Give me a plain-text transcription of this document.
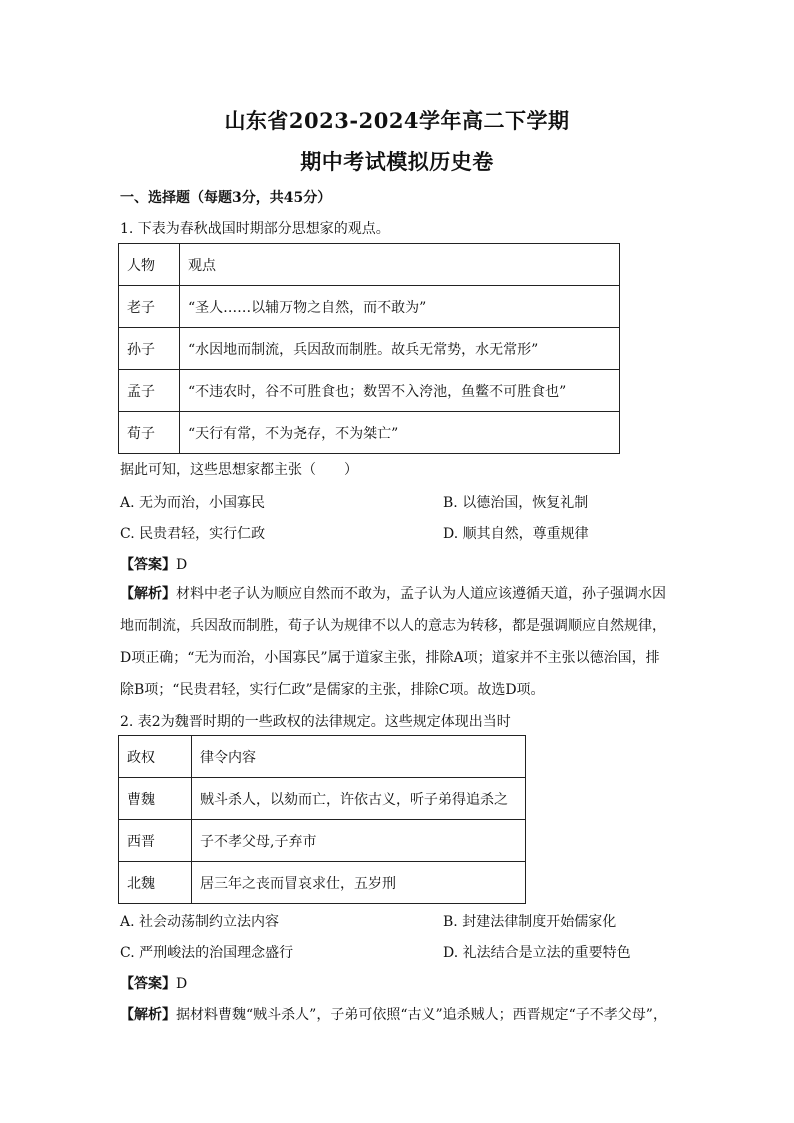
山东省2023-2024学年高二下学期
期中考试模拟历史卷
一、选择题（每题3分，共45分）
1. 下表为春秋战国时期部分思想家的观点。
人物	观点
老子	“圣人……以辅万物之自然，而不敢为”
孙子	“水因地而制流，兵因敌而制胜。故兵无常势，水无常形”
孟子	“不违农时，谷不可胜食也；数罟不入洿池，鱼鳖不可胜食也”
荀子	“天行有常，不为尧存，不为桀亡”
据此可知，这些思想家都主张（　　）
A. 无为而治，小国寡民	B. 以德治国，恢复礼制
C. 民贵君轻，实行仁政	D. 顺其自然，尊重规律
【答案】D
【解析】材料中老子认为顺应自然而不敢为，孟子认为人道应该遵循天道，孙子强调水因
地而制流，兵因敌而制胜，荀子认为规律不以人的意志为转移，都是强调顺应自然规律，
D项正确；“无为而治，小国寡民”属于道家主张，排除A项；道家并不主张以德治国，排
除B项；“民贵君轻，实行仁政”是儒家的主张，排除C项。故选D项。
2. 表2为魏晋时期的一些政权的法律规定。这些规定体现出当时
政权	律令内容
曹魏	贼斗杀人，以劾而亡，许依古义，听子弟得追杀之
西晋	子不孝父母,子弃市
北魏	居三年之丧而冒哀求仕，五岁刑
A. 社会动荡制约立法内容	B. 封建法律制度开始儒家化
C. 严刑峻法的治国理念盛行	D. 礼法结合是立法的重要特色
【答案】D
【解析】据材料曹魏“贼斗杀人”，子弟可依照“古义”追杀贼人；西晋规定“子不孝父母”，
